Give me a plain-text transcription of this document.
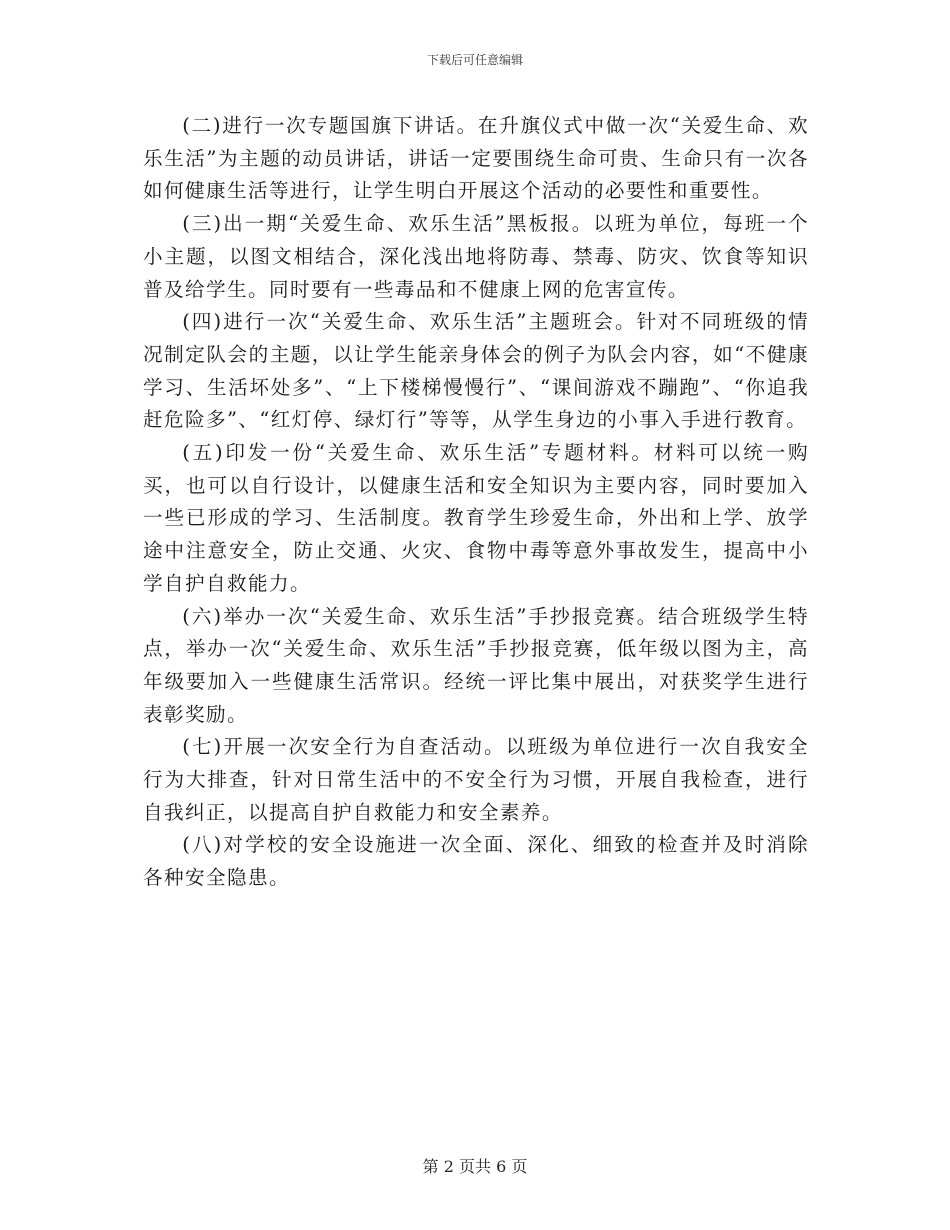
下载后可任意编辑

(二)进行一次专题国旗下讲话。在升旗仪式中做一次“关爱生命、欢乐生活”为主题的动员讲话，讲话一定要围绕生命可贵、生命只有一次各如何健康生活等进行，让学生明白开展这个活动的必要性和重要性。

(三)出一期“关爱生命、欢乐生活”黑板报。以班为单位，每班一个小主题，以图文相结合，深化浅出地将防毒、禁毒、防灾、饮食等知识普及给学生。同时要有一些毒品和不健康上网的危害宣传。

(四)进行一次“关爱生命、欢乐生活”主题班会。针对不同班级的情况制定队会的主题，以让学生能亲身体会的例子为队会内容，如“不健康学习、生活坏处多”、“上下楼梯慢慢行”、“课间游戏不蹦跑”、“你追我赶危险多”、“红灯停、绿灯行”等等，从学生身边的小事入手进行教育。

(五)印发一份“关爱生命、欢乐生活”专题材料。材料可以统一购买，也可以自行设计，以健康生活和安全知识为主要内容，同时要加入一些已形成的学习、生活制度。教育学生珍爱生命，外出和上学、放学途中注意安全，防止交通、火灾、食物中毒等意外事故发生，提高中小学自护自救能力。

(六)举办一次“关爱生命、欢乐生活”手抄报竞赛。结合班级学生特点，举办一次“关爱生命、欢乐生活”手抄报竞赛，低年级以图为主，高年级要加入一些健康生活常识。经统一评比集中展出，对获奖学生进行表彰奖励。

(七)开展一次安全行为自查活动。以班级为单位进行一次自我安全行为大排查，针对日常生活中的不安全行为习惯，开展自我检查，进行自我纠正，以提高自护自救能力和安全素养。

(八)对学校的安全设施进一次全面、深化、细致的检查并及时消除各种安全隐患。

第 2 页共 6 页
